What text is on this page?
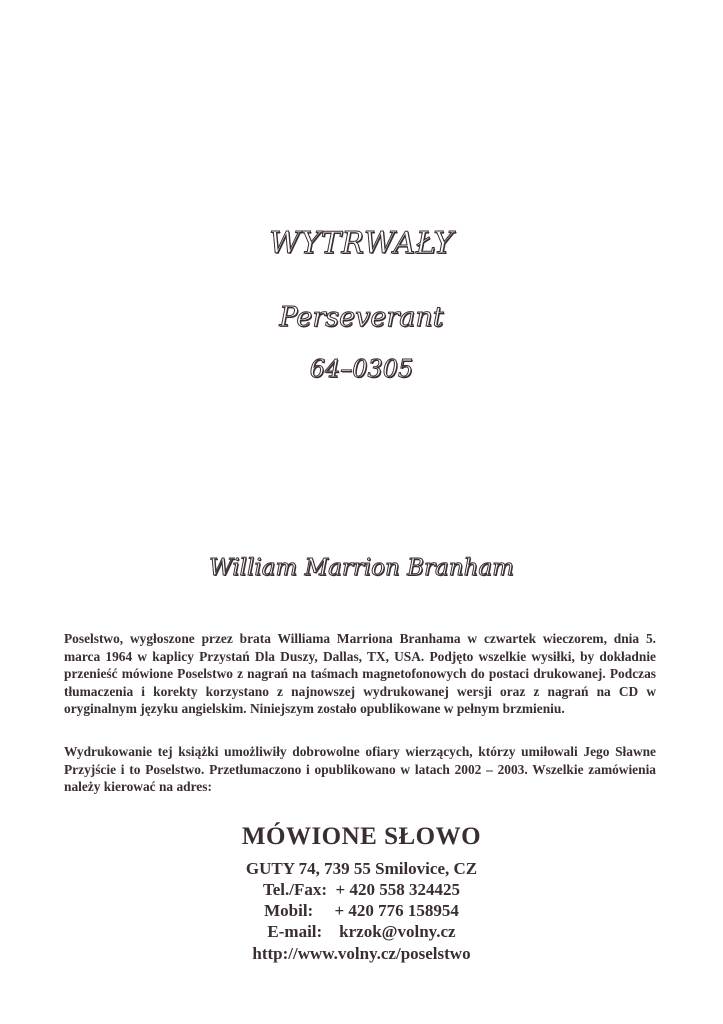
WYTRWAŁY
Perseverant
64–0305
William Marrion Branham
Poselstwo, wygłoszone przez brata Williama Marriona Branhama w czwartek wieczorem, dnia 5. marca 1964 w kaplicy Przystań Dla Duszy, Dallas, TX, USA. Podjęto wszelkie wysiłki, by dokładnie przenieść mówione Poselstwo z nagrań na taśmach magnetofonowych do postaci drukowanej. Podczas tłumaczenia i korekty korzystano z najnowszej wydrukowanej wersji oraz z nagrań na CD w oryginalnym języku angielskim. Niniejszym zostało opublikowane w pełnym brzmieniu.
Wydrukowanie tej książki umożliwiły dobrowolne ofiary wierzących, którzy umiłowali Jego Sławne Przyjście i to Poselstwo. Przetłumaczono i opublikowano w latach 2002 – 2003. Wszelkie zamówienia należy kierować na adres:
MÓWIONE SŁOWO
GUTY 74, 739 55 Smilovice, CZ
Tel./Fax:  + 420 558 324425
Mobil:     + 420 776 158954
E-mail:    krzok@volny.cz
http://www.volny.cz/poselstwo
